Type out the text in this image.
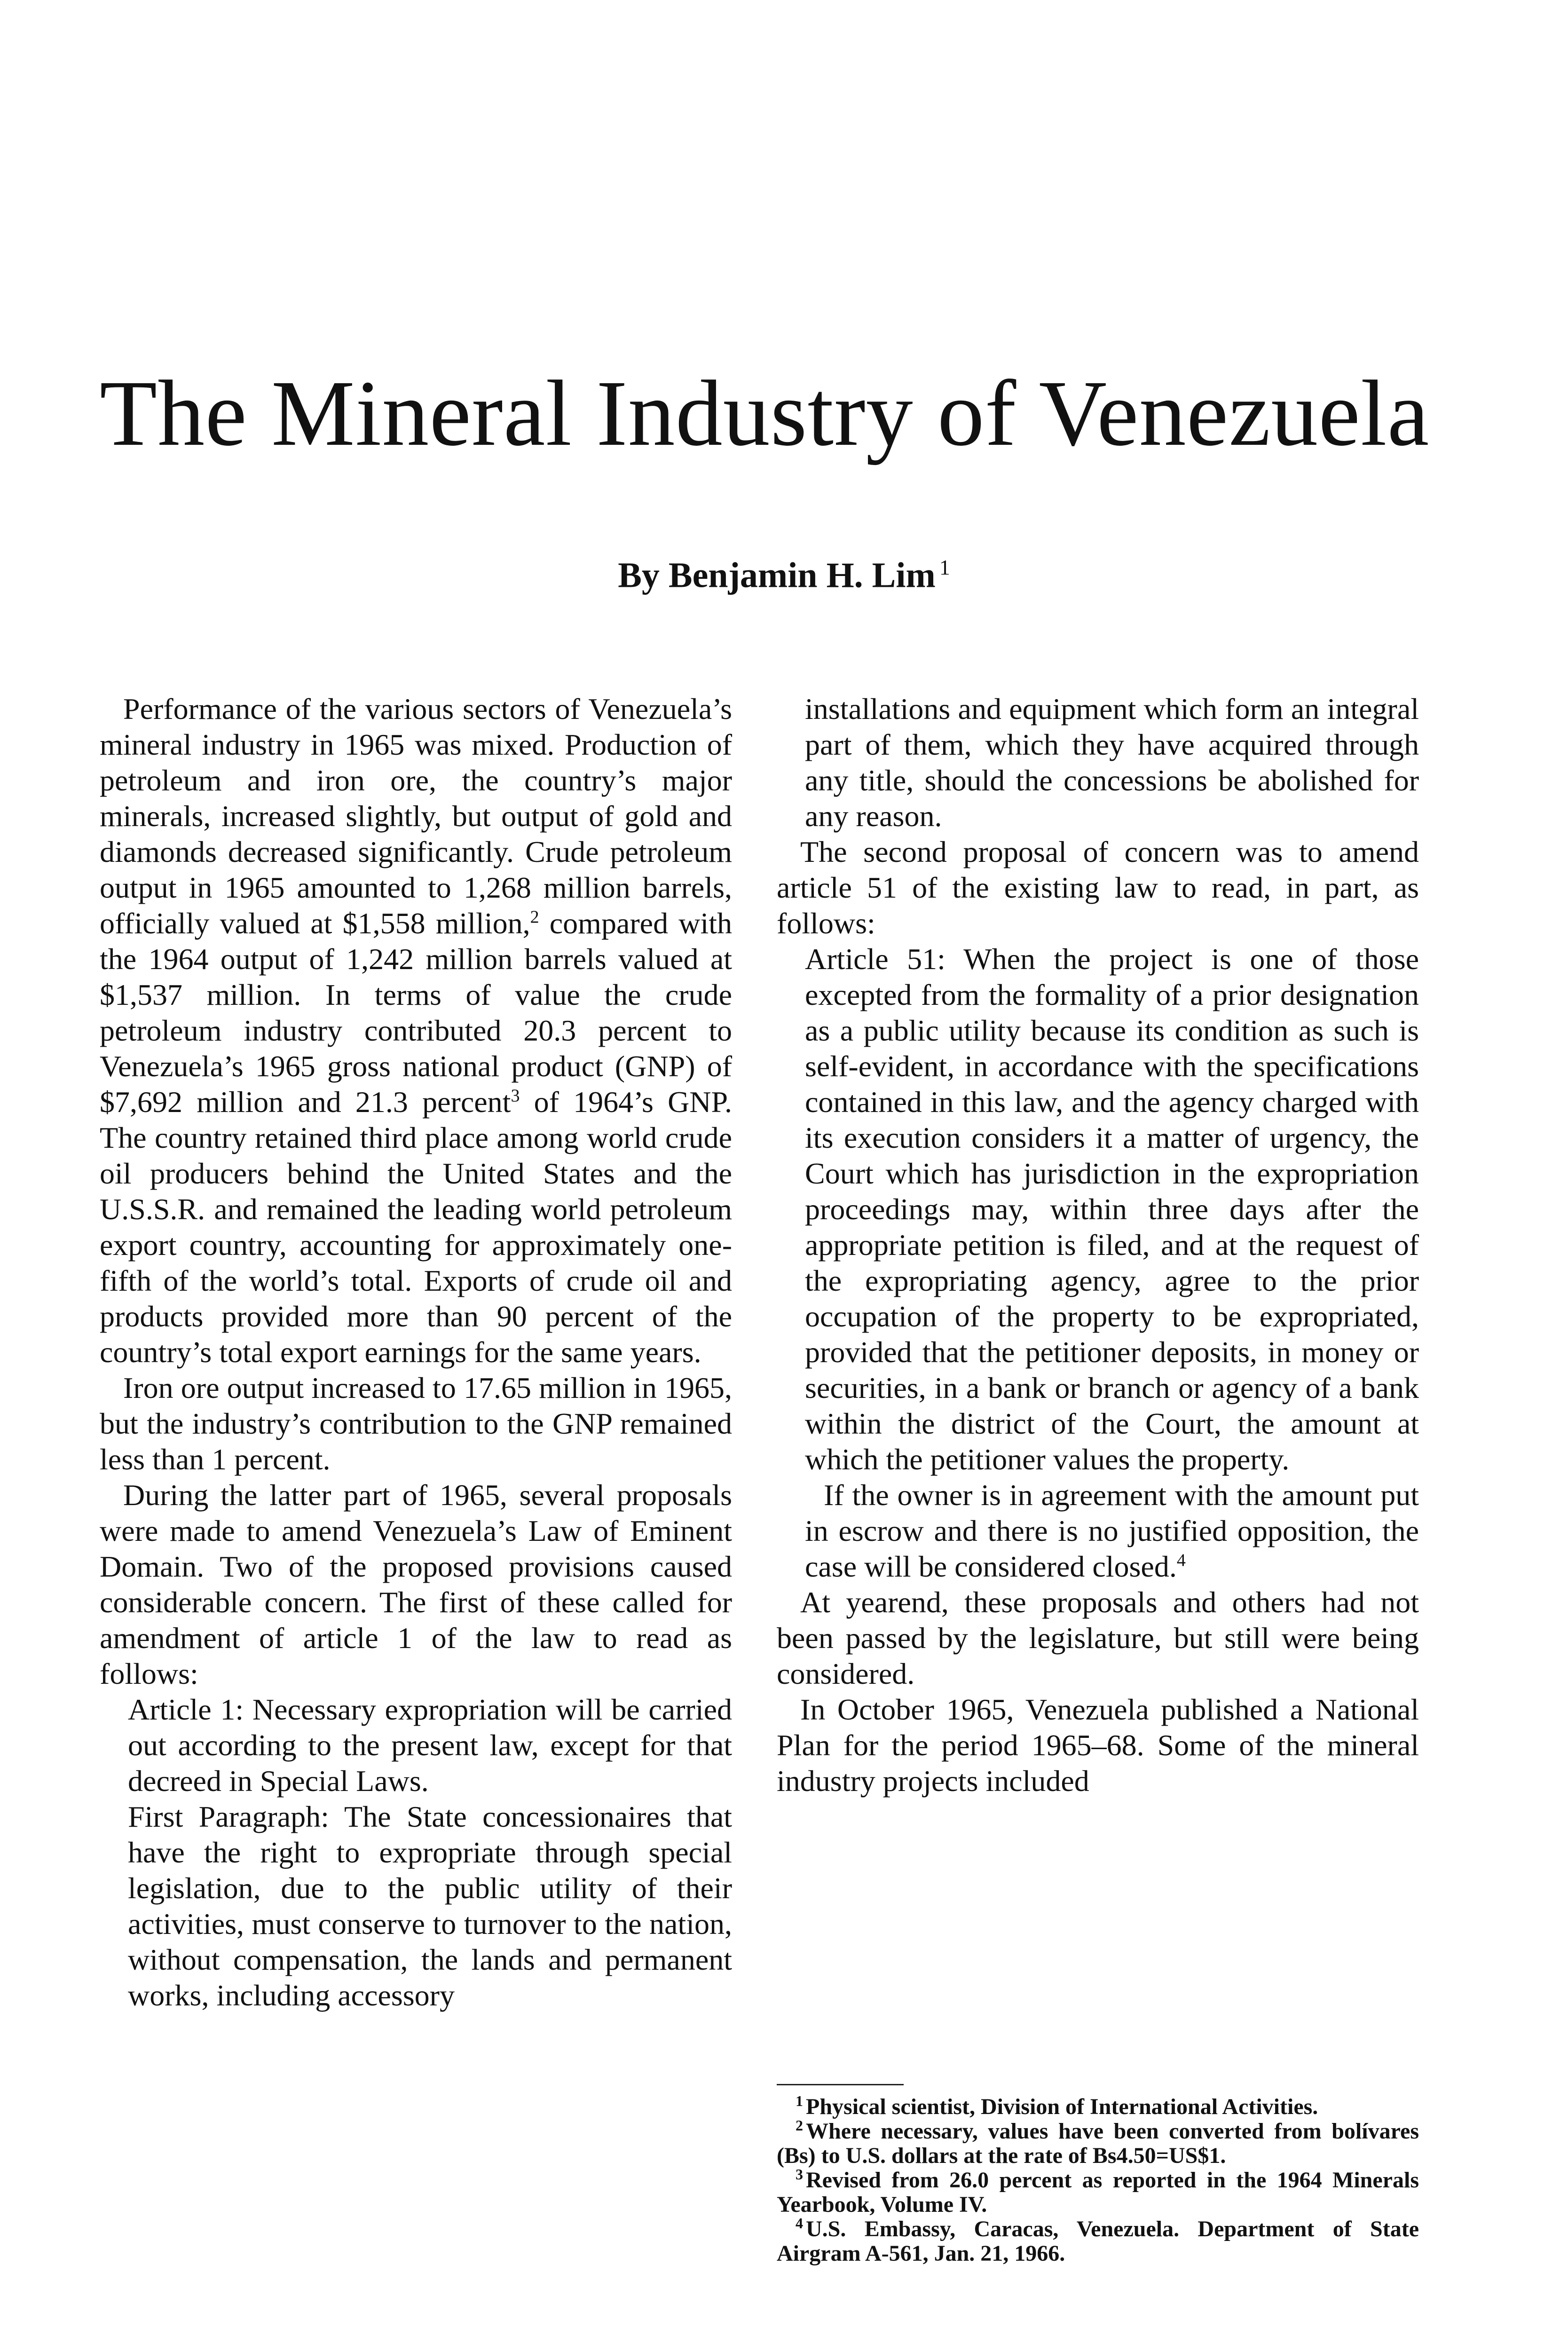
The Mineral Industry of Venezuela
By Benjamin H. Lim $^1$

Performance of the various sectors of Venezuela’s mineral industry in 1965 was mixed. Production of petroleum and iron ore, the country’s major minerals, increased slightly, but output of gold and diamonds decreased significantly. Crude petroleum output in 1965 amounted to 1,268 million barrels, officially valued at $1,558 million,$^2$ compared with the 1964 output of 1,242 million barrels valued at $1,537 million. In terms of value the crude petroleum industry contributed 20.3 percent to Venezuela’s 1965 gross national product (GNP) of $7,692 million and 21.3 percent$^3$ of 1964’s GNP. The country retained third place among world crude oil producers behind the United States and the U.S.S.R. and remained the leading world petroleum export country, accounting for approximately one-fifth of the world’s total. Exports of crude oil and products provided more than 90 percent of the country’s total export earnings for the same years.

Iron ore output increased to 17.65 million in 1965, but the industry’s contribution to the GNP remained less than 1 percent.

During the latter part of 1965, several proposals were made to amend Venezuela’s Law of Eminent Domain. Two of the proposed provisions caused considerable concern. The first of these called for amendment of article 1 of the law to read as follows:

Article 1: Necessary expropriation will be carried out according to the present law, except for that decreed in Special Laws.

First Paragraph: The State concessionaires that have the right to expropriate through special legislation, due to the public utility of their activities, must conserve to turnover to the nation, without compensation, the lands and permanent works, including accessory

installations and equipment which form an integral part of them, which they have acquired through any title, should the concessions be abolished for any reason.

The second proposal of concern was to amend article 51 of the existing law to read, in part, as follows:

Article 51: When the project is one of those excepted from the formality of a prior designation as a public utility because its condition as such is self-evident, in accordance with the specifications contained in this law, and the agency charged with its execution considers it a matter of urgency, the Court which has jurisdiction in the expropriation proceedings may, within three days after the appropriate petition is filed, and at the request of the expropriating agency, agree to the prior occupation of the property to be expropriated, provided that the petitioner deposits, in money or securities, in a bank or branch or agency of a bank within the district of the Court, the amount at which the petitioner values the property.

If the owner is in agreement with the amount put in escrow and there is no justified opposition, the case will be considered closed.$^4$

At yearend, these proposals and others had not been passed by the legislature, but still were being considered.

In October 1965, Venezuela published a National Plan for the period 1965–68. Some of the mineral industry projects included

$^1$ Physical scientist, Division of International Activities.

$^2$ Where necessary, values have been converted from bolívares (Bs) to U.S. dollars at the rate of Bs4.50=US$1.

$^3$ Revised from 26.0 percent as reported in the 1964 Minerals Yearbook, Volume IV.

$^4$ U.S. Embassy, Caracas, Venezuela. Department of State Airgram A-561, Jan. 21, 1966.
